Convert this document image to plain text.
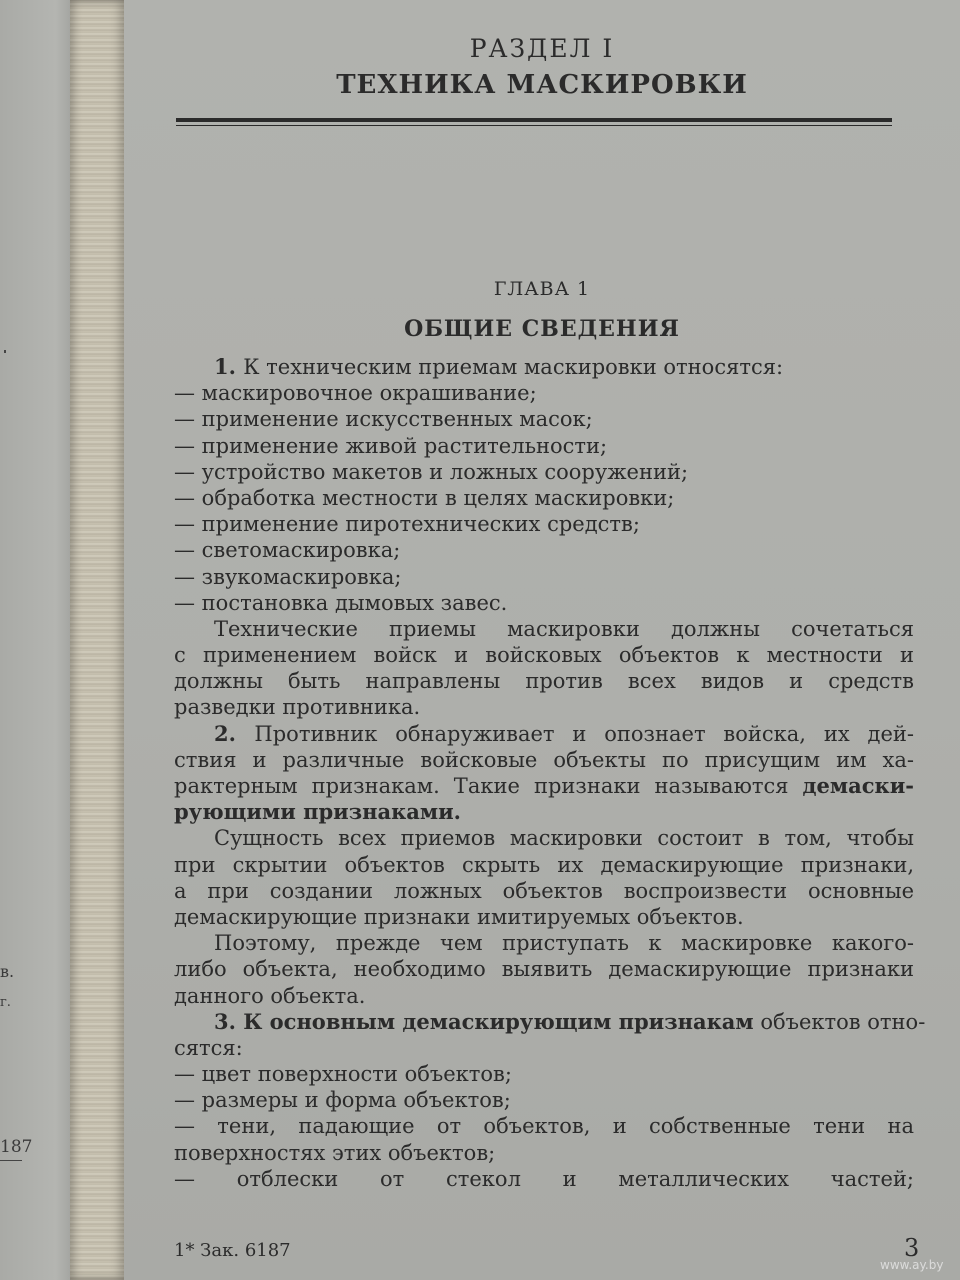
в.
г.
187
РАЗДЕЛ I
ТЕХНИКА МАСКИРОВКИ
ГЛАВА 1
ОБЩИЕ СВЕДЕНИЯ
1. К техническим приемам маскировки относятся:
— маскировочное окрашивание;
— применение искусственных масок;
— применение живой растительности;
— устройство макетов и ложных сооружений;
— обработка местности в целях маскировки;
— применение пиротехнических средств;
— светомаскировка;
— звукомаскировка;
— постановка дымовых завес.
Технические приемы маскировки должны сочетаться
с применением войск и войсковых объектов к местности и
должны быть направлены против всех видов и средств
разведки противника.
2. Противник обнаруживает и опознает войска, их дей-
ствия и различные войсковые объекты по присущим им ха-
рактерным признакам. Такие признаки называются демаски-
рующими признаками.
Сущность всех приемов маскировки состоит в том, чтобы
при скрытии объектов скрыть их демаскирующие признаки,
а при создании ложных объектов воспроизвести основные
демаскирующие признаки имитируемых объектов.
Поэтому, прежде чем приступать к маскировке какого-
либо объекта, необходимо выявить демаскирующие признаки
данного объекта.
3. К основным демаскирующим признакам объектов отно-
сятся:
— цвет поверхности объектов;
— размеры и форма объектов;
— тени, падающие от объектов, и собственные тени на
поверхностях этих объектов;
— отблески от стекол и металлических частей;
1* Зак. 6187	3
www.ay.by
